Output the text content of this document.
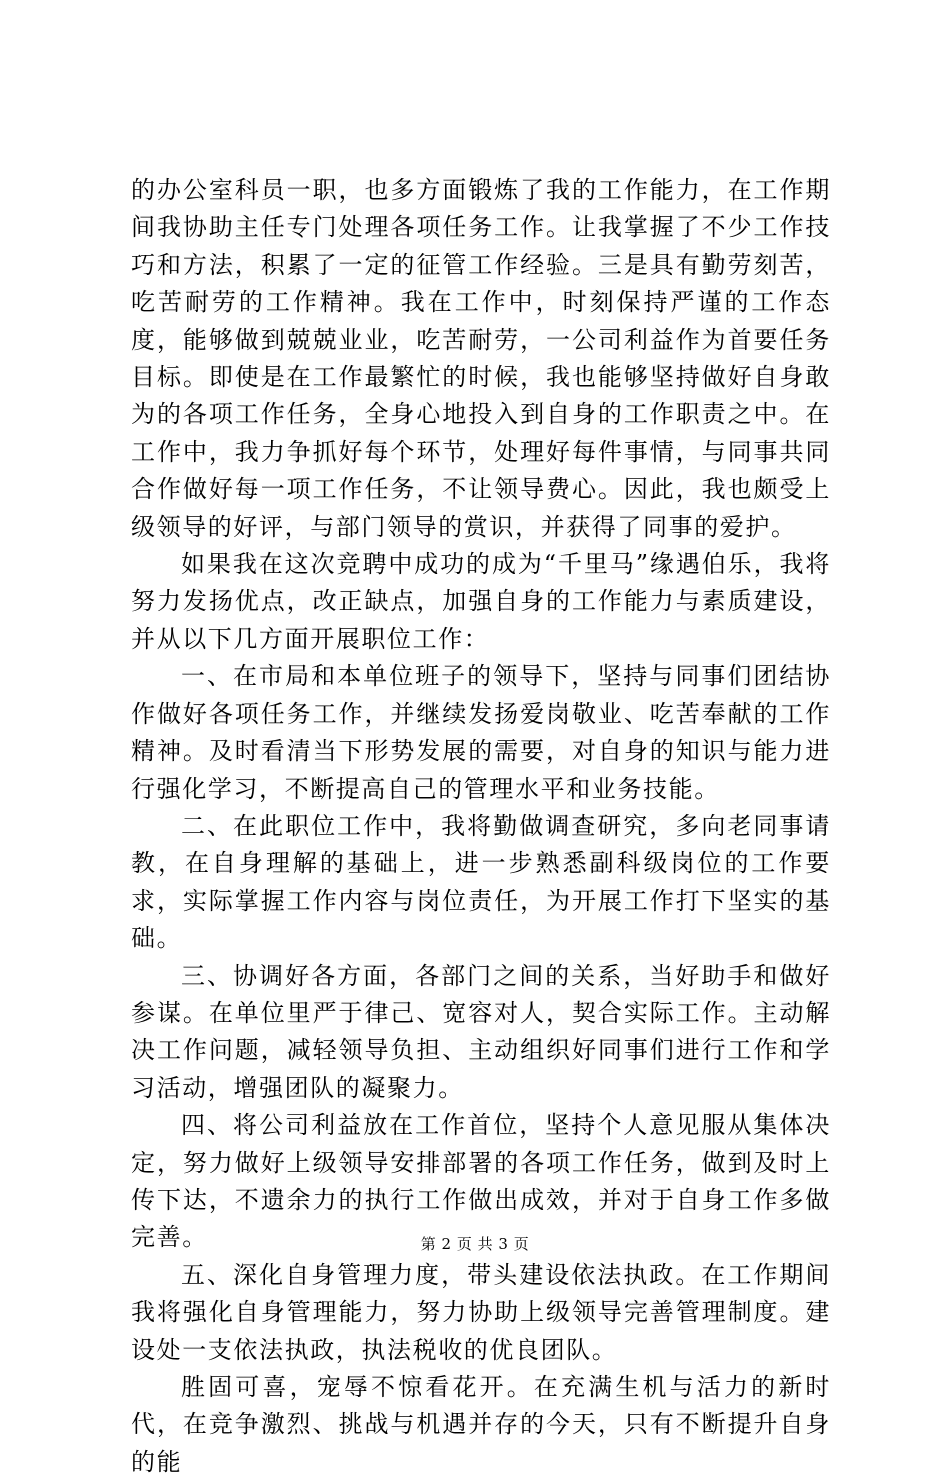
的办公室科员一职，也多方面锻炼了我的工作能力，在工作期间我协助主任专门处理各项任务工作。让我掌握了不少工作技巧和方法，积累了一定的征管工作经验。三是具有勤劳刻苦，吃苦耐劳的工作精神。我在工作中，时刻保持严谨的工作态度，能够做到兢兢业业，吃苦耐劳，一公司利益作为首要任务目标。即使是在工作最繁忙的时候，我也能够坚持做好自身敢为的各项工作任务，全身心地投入到自身的工作职责之中。在工作中，我力争抓好每个环节，处理好每件事情，与同事共同合作做好每一项工作任务，不让领导费心。因此，我也颇受上级领导的好评，与部门领导的赏识，并获得了同事的爱护。

如果我在这次竞聘中成功的成为“千里马”缘遇伯乐，我将努力发扬优点，改正缺点，加强自身的工作能力与素质建设，并从以下几方面开展职位工作：

一、在市局和本单位班子的领导下，坚持与同事们团结协作做好各项任务工作，并继续发扬爱岗敬业、吃苦奉献的工作精神。及时看清当下形势发展的需要，对自身的知识与能力进行强化学习，不断提高自己的管理水平和业务技能。

二、在此职位工作中，我将勤做调查研究，多向老同事请教，在自身理解的基础上，进一步熟悉副科级岗位的工作要求，实际掌握工作内容与岗位责任，为开展工作打下坚实的基础。

三、协调好各方面，各部门之间的关系，当好助手和做好参谋。在单位里严于律己、宽容对人，契合实际工作。主动解决工作问题，减轻领导负担、主动组织好同事们进行工作和学习活动，增强团队的凝聚力。

四、将公司利益放在工作首位，坚持个人意见服从集体决定，努力做好上级领导安排部署的各项工作任务，做到及时上传下达，不遗余力的执行工作做出成效，并对于自身工作多做完善。

五、深化自身管理力度，带头建设依法执政。在工作期间我将强化自身管理能力，努力协助上级领导完善管理制度。建设处一支依法执政，执法税收的优良团队。

胜固可喜，宠辱不惊看花开。在充满生机与活力的新时代，在竞争激烈、挑战与机遇并存的今天，只有不断提升自身的能

第 2 页 共 3 页
